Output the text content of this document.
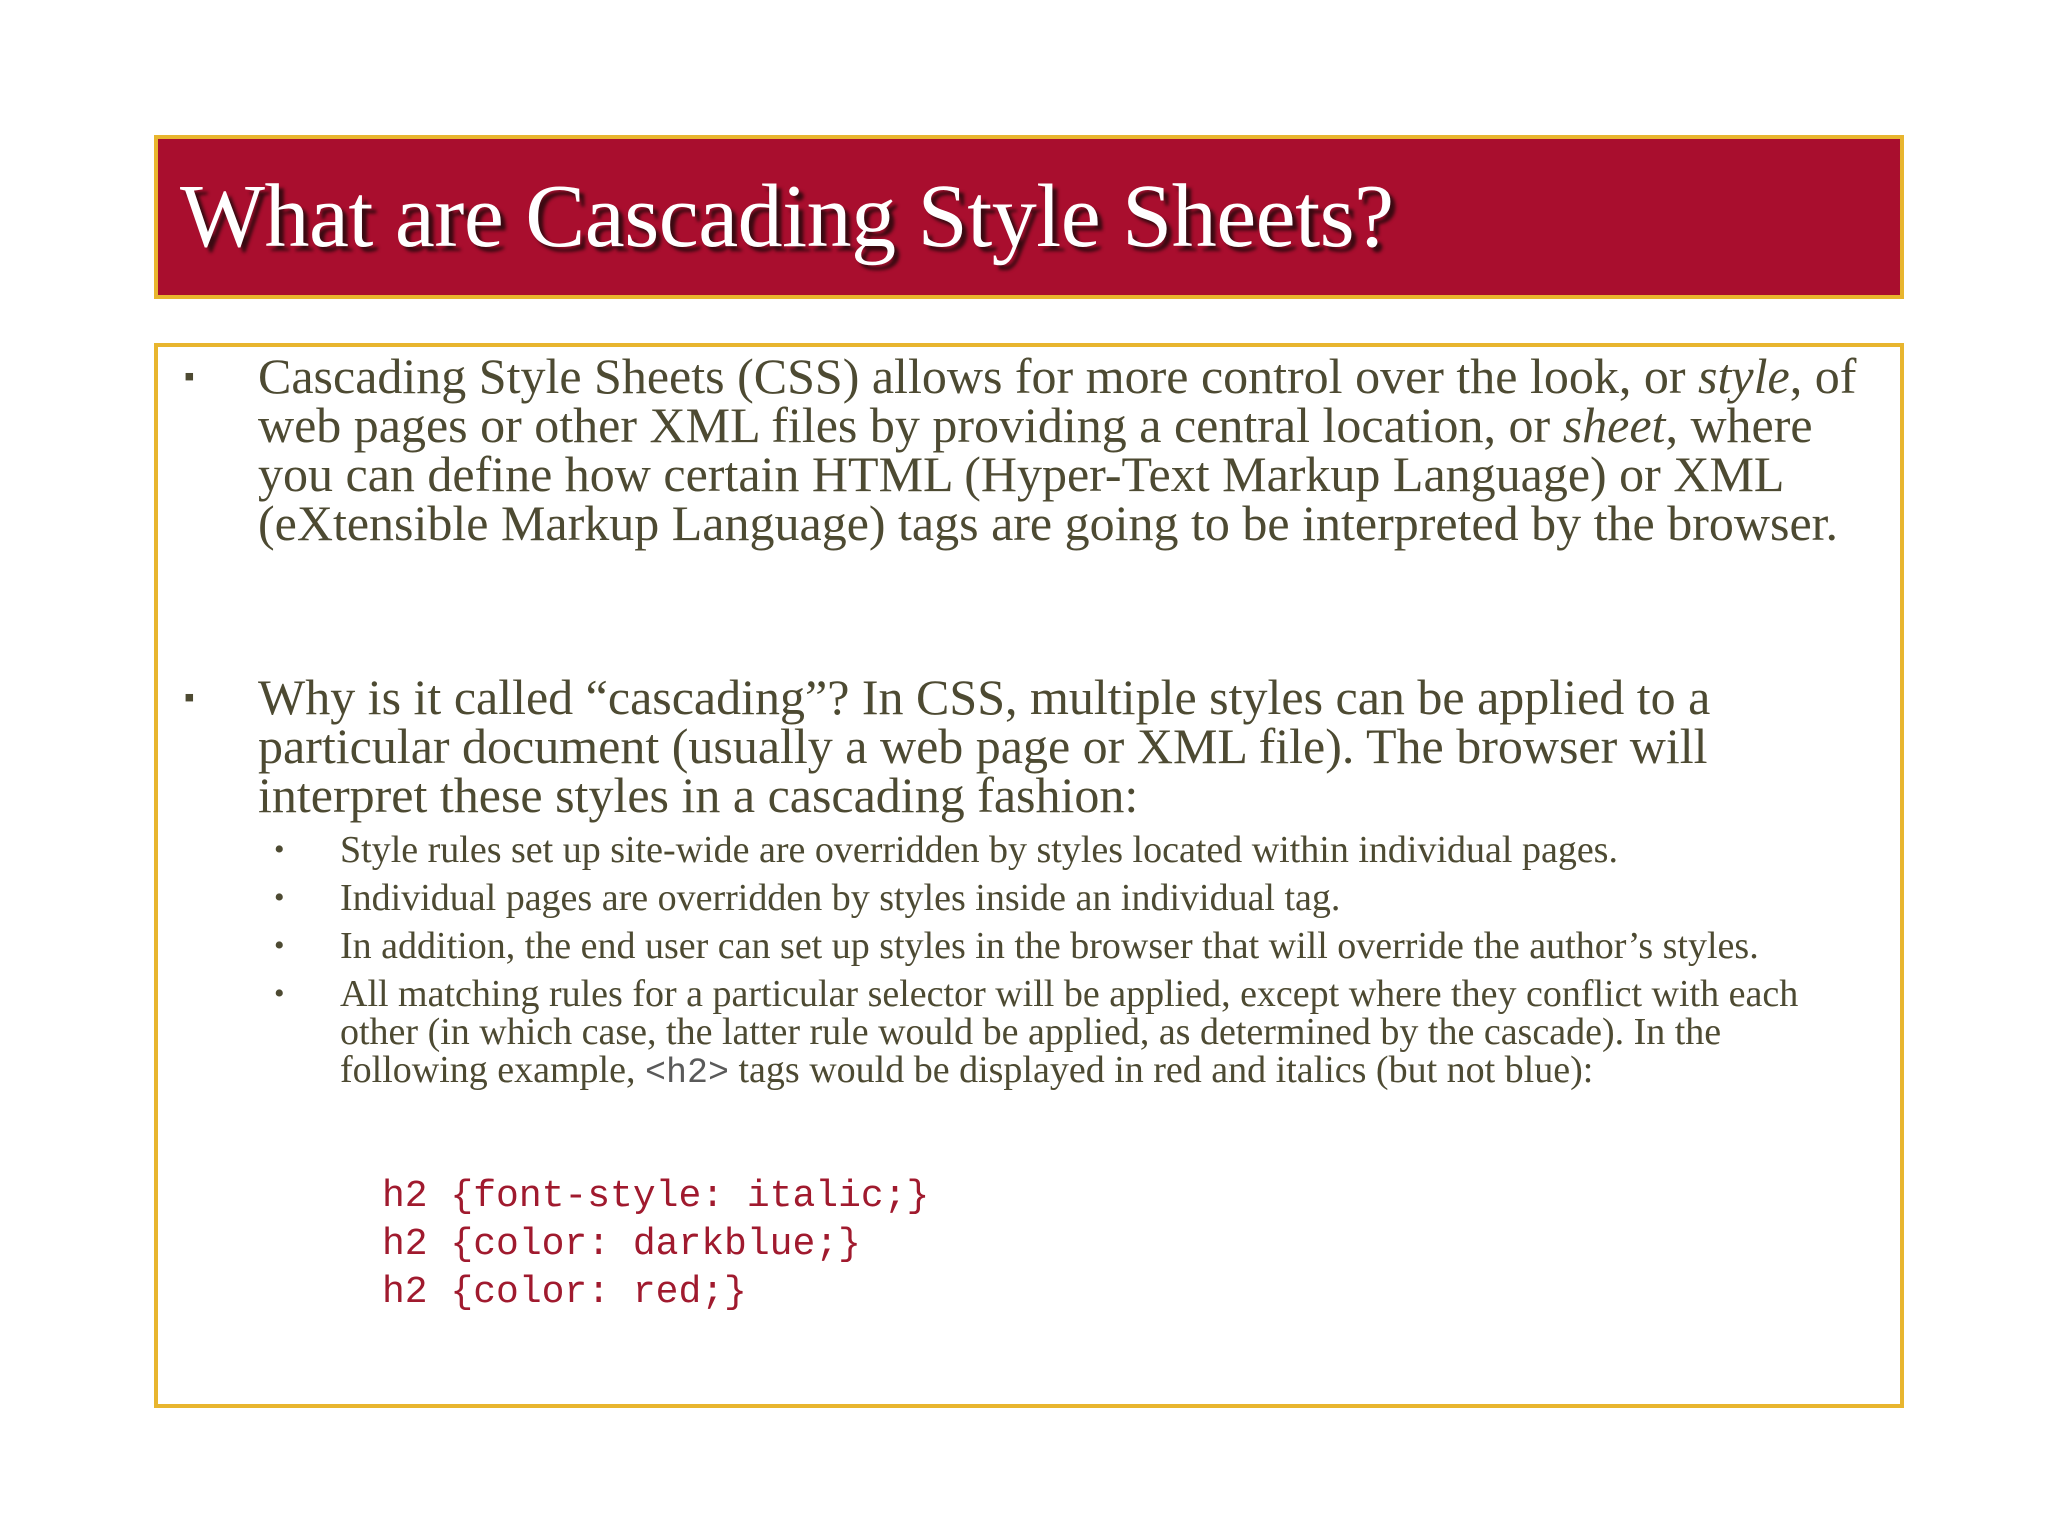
What are Cascading Style Sheets?
▪ Cascading Style Sheets (CSS) allows for more control over the look, or style, of web pages or other XML files by providing a central location, or sheet, where you can define how certain HTML (Hyper-Text Markup Language) or XML (eXtensible Markup Language) tags are going to be interpreted by the browser.
▪ Why is it called “cascading”? In CSS, multiple styles can be applied to a particular document (usually a web page or XML file). The browser will interpret these styles in a cascading fashion:
• Style rules set up site-wide are overridden by styles located within individual pages.
• Individual pages are overridden by styles inside an individual tag.
• In addition, the end user can set up styles in the browser that will override the author’s styles.
• All matching rules for a particular selector will be applied, except where they conflict with each other (in which case, the latter rule would be applied, as determined by the cascade). In the following example, <h2> tags would be displayed in red and italics (but not blue):
h2 {font-style: italic;}
h2 {color: darkblue;}
h2 {color: red;}
